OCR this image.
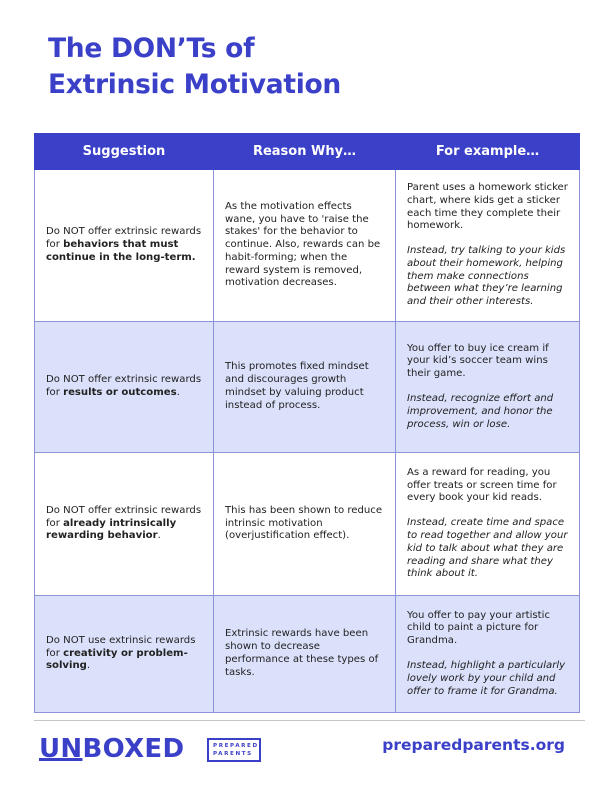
The DON’Ts of
Extrinsic Motivation
Suggestion	Reason Why…	For example…
Do NOT offer extrinsic rewards for behaviors that must continue in the long-term.	As the motivation effects wane, you have to 'raise the stakes' for the behavior to continue. Also, rewards can be habit-forming; when the reward system is removed, motivation decreases.	Parent uses a homework sticker chart, where kids get a sticker each time they complete their homework.
Instead, try talking to your kids about their homework, helping them make connections between what they’re learning and their other interests.

Do NOT offer extrinsic rewards for results or outcomes.	This promotes fixed mindset and discourages growth mindset by valuing product instead of process.	You offer to buy ice cream if your kid’s soccer team wins their game.
Instead, recognize effort and improvement, and honor the process, win or lose.

Do NOT offer extrinsic rewards for already intrinsically rewarding behavior.	This has been shown to reduce intrinsic motivation (overjustification effect).	As a reward for reading, you offer treats or screen time for every book your kid reads.
Instead, create time and space to read together and allow your kid to talk about what they are reading and share what they think about it.

Do NOT use extrinsic rewards for creativity or problem-solving.	Extrinsic rewards have been shown to decrease performance at these types of tasks.	You offer to pay your artistic child to paint a picture for Grandma.
Instead, highlight a particularly lovely work by your child and offer to frame it for Grandma.
UNBOXED	PREPARED
PARENTS	preparedparents.org
